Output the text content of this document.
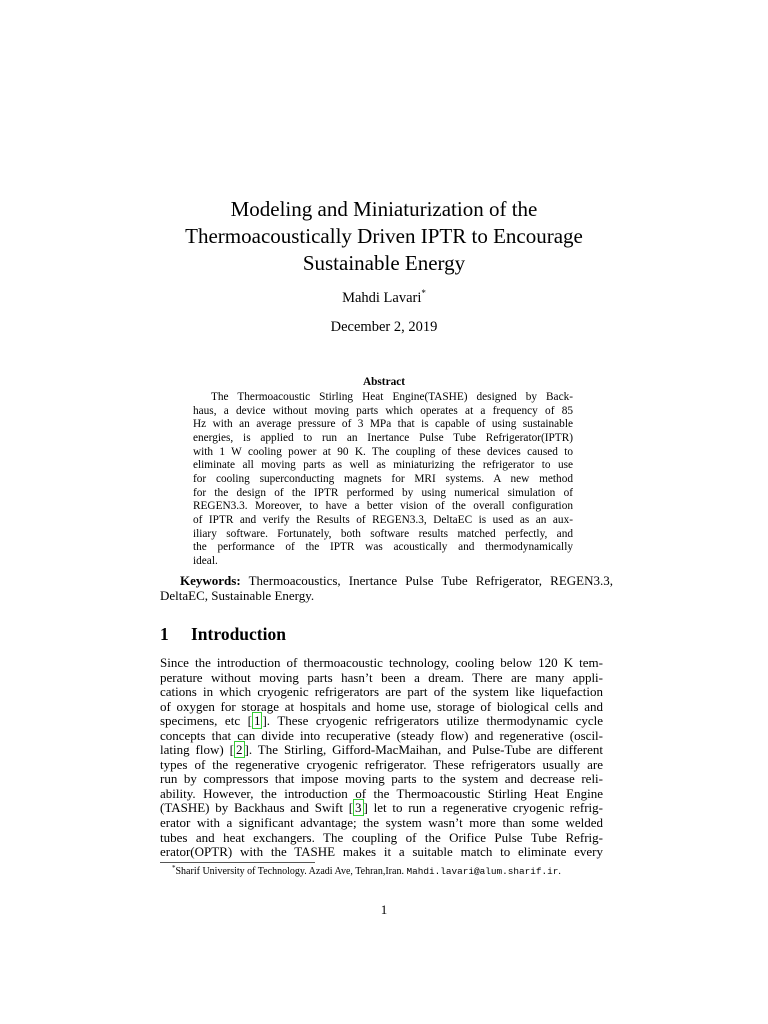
Modeling and Miniaturization of the
Thermoacoustically Driven IPTR to Encourage
Sustainable Energy
Mahdi Lavari*
December 2, 2019
Abstract
The Thermoacoustic Stirling Heat Engine(TASHE) designed by Back-
haus, a device without moving parts which operates at a frequency of 85
Hz with an average pressure of 3 MPa that is capable of using sustainable
energies, is applied to run an Inertance Pulse Tube Refrigerator(IPTR)
with 1 W cooling power at 90 K. The coupling of these devices caused to
eliminate all moving parts as well as miniaturizing the refrigerator to use
for cooling superconducting magnets for MRI systems. A new method
for the design of the IPTR performed by using numerical simulation of
REGEN3.3. Moreover, to have a better vision of the overall configuration
of IPTR and verify the Results of REGEN3.3, DeltaEC is used as an aux-
iliary software. Fortunately, both software results matched perfectly, and
the performance of the IPTR was acoustically and thermodynamically
ideal.
Keywords: Thermoacoustics, Inertance Pulse Tube Refrigerator, REGEN3.3,
DeltaEC, Sustainable Energy.
1 Introduction
Since the introduction of thermoacoustic technology, cooling below 120 K tem-
perature without moving parts hasn’t been a dream. There are many appli-
cations in which cryogenic refrigerators are part of the system like liquefaction
of oxygen for storage at hospitals and home use, storage of biological cells and
specimens, etc [ 1 ]. These cryogenic refrigerators utilize thermodynamic cycle
concepts that can divide into recuperative (steady flow) and regenerative (oscil-
lating flow) [ 2 ]. The Stirling, Gifford-MacMaihan, and Pulse-Tube are different
types of the regenerative cryogenic refrigerator. These refrigerators usually are
run by compressors that impose moving parts to the system and decrease reli-
ability. However, the introduction of the Thermoacoustic Stirling Heat Engine
(TASHE) by Backhaus and Swift [ 3 ] let to run a regenerative cryogenic refrig-
erator with a significant advantage; the system wasn’t more than some welded
tubes and heat exchangers. The coupling of the Orifice Pulse Tube Refrig-
erator(OPTR) with the TASHE makes it a suitable match to eliminate every
*Sharif University of Technology. Azadi Ave, Tehran,Iran. Mahdi.lavari@alum.sharif.ir.
1
